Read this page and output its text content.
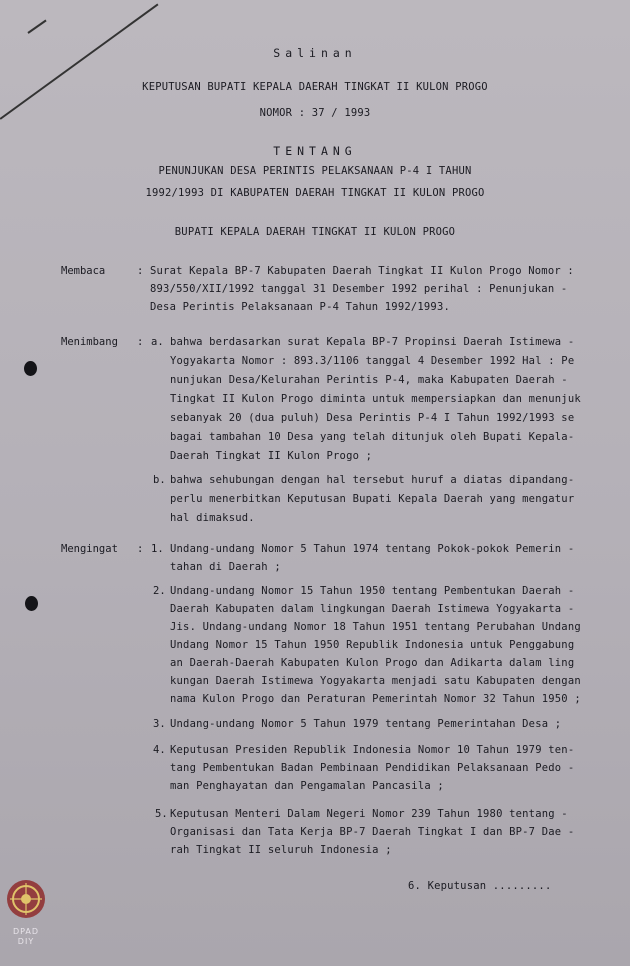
Salinan
KEPUTUSAN BUPATI KEPALA DAERAH TINGKAT II KULON PROGO
NOMOR : 37 / 1993
TENTANG
PENUNJUKAN DESA PERINTIS PELAKSANAAN P-4 I TAHUN
1992/1993 DI KABUPATEN DAERAH TINGKAT II KULON PROGO
BUPATI KEPALA DAERAH TINGKAT II KULON PROGO
Membaca	: Surat Kepala BP-7 Kabupaten Daerah Tingkat II Kulon Progo Nomor :
893/550/XII/1992 tanggal 31 Desember 1992 perihal : Penunjukan -
Desa Perintis Pelaksanaan P-4 Tahun 1992/1993.
Menimbang : a. bahwa berdasarkan surat Kepala BP-7 Propinsi Daerah Istimewa -
Yogyakarta Nomor : 893.3/1106 tanggal 4 Desember 1992 Hal : Pe
nunjukan Desa/Kelurahan Perintis P-4, maka Kabupaten Daerah -
Tingkat II Kulon Progo diminta untuk mempersiapkan dan menunjuk
sebanyak 20 (dua puluh) Desa Perintis P-4 I Tahun 1992/1993 se
bagai tambahan 10 Desa yang telah ditunjuk oleh Bupati Kepala-
Daerah Tingkat II Kulon Progo ;
b. bahwa sehubungan dengan hal tersebut huruf a diatas dipandang-
perlu menerbitkan Keputusan Bupati Kepala Daerah yang mengatur
hal dimaksud.
Mengingat : 1. Undang-undang Nomor 5 Tahun 1974 tentang Pokok-pokok Pemerin -
tahan di Daerah ;
2. Undang-undang Nomor 15 Tahun 1950 tentang Pembentukan Daerah -
Daerah Kabupaten dalam lingkungan Daerah Istimewa Yogyakarta -
Jis. Undang-undang Nomor 18 Tahun 1951 tentang Perubahan Undang
Undang Nomor 15 Tahun 1950 Republik Indonesia untuk Penggabung
an Daerah-Daerah Kabupaten Kulon Progo dan Adikarta dalam ling
kungan Daerah Istimewa Yogyakarta menjadi satu Kabupaten dengan
nama Kulon Progo dan Peraturan Pemerintah Nomor 32 Tahun 1950 ;
3. Undang-undang Nomor 5 Tahun 1979 tentang Pemerintahan Desa ;
4. Keputusan Presiden Republik Indonesia Nomor 10 Tahun 1979 ten-
tang Pembentukan Badan Pembinaan Pendidikan Pelaksanaan Pedo -
man Penghayatan dan Pengamalan Pancasila ;
5. Keputusan Menteri Dalam Negeri Nomor 239 Tahun 1980 tentang -
Organisasi dan Tata Kerja BP-7 Daerah Tingkat I dan BP-7 Dae -
rah Tingkat II seluruh Indonesia ;
6. Keputusan .........
DPAD DIY
